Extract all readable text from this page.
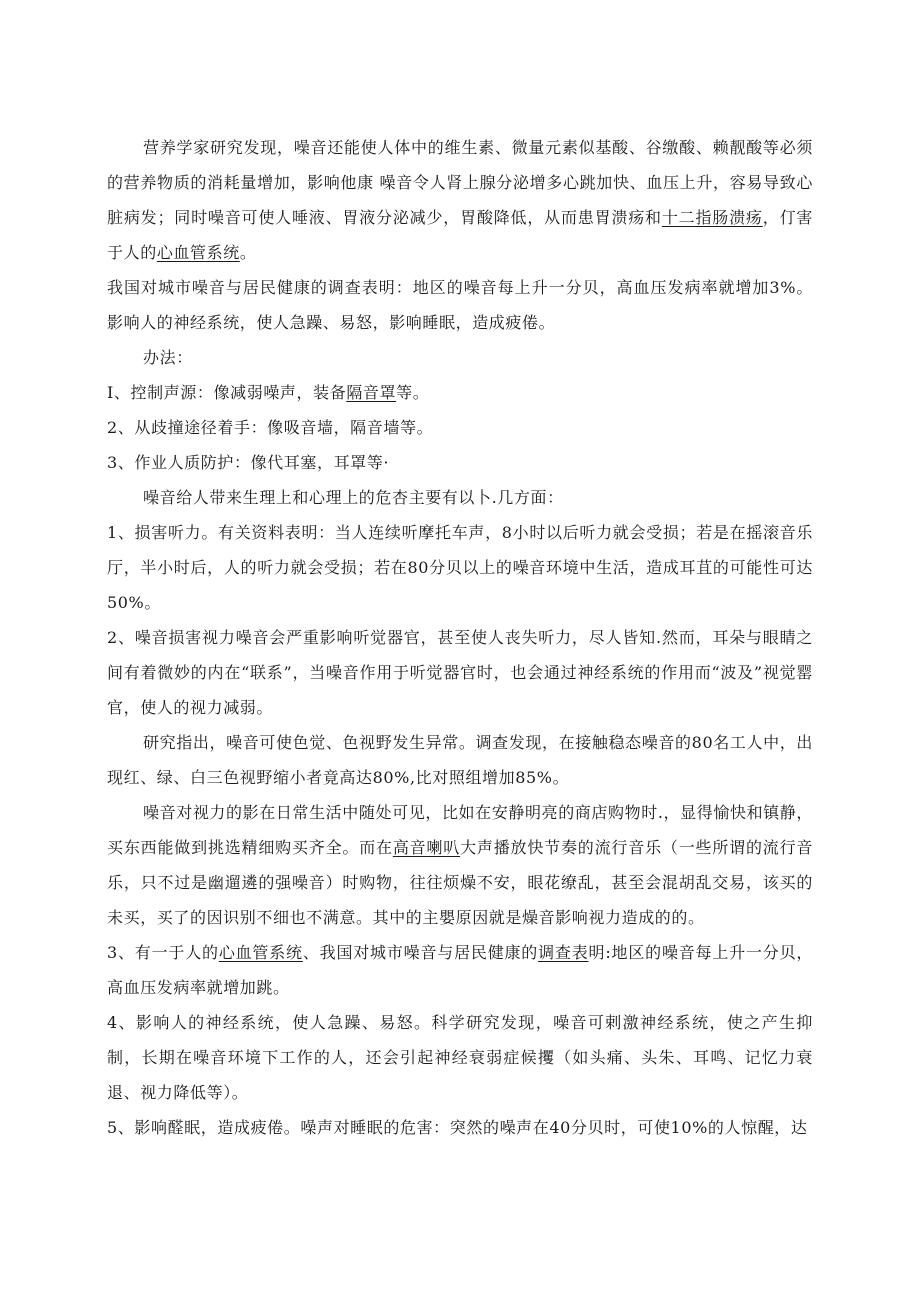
营养学家研究发现，噪音还能使人体中的维生素、微量元素似基酸、谷缴酸、赖靓酸等必须的营养物质的消耗量增加，影响他康 噪音令人肾上腺分泌增多心跳加快、血压上升，容易导致心脏病发；同时噪音可使人唾液、胃液分泌减少，胃酸降低，从而患胃溃疡和十二指肠溃疡，仃害于人的心血管系统。

我国对城市噪音与居民健康的调查表明：地区的噪音每上升一分贝，高血压发病率就增加3%。影响人的神经系统，使人急躁、易怒，影响睡眠，造成疲倦。

办法：

I、控制声源：像减弱噪声，装备隔音罩等。

2、从歧撞途径着手：像吸音墙，隔音墙等。

3、作业人质防护：像代耳塞，耳罩等·

噪音给人带来生理上和心理上的危杏主要有以卜.几方面：

1、损害听力。有关资料表明：当人连续听摩托车声，8小时以后听力就会受损；若是在摇滚音乐厅，半小时后，人的听力就会受损；若在80分贝以上的噪音环境中生活，造成耳苴的可能性可达50%。

2、噪音损害视力噪音会严重影响听觉器官，甚至使人丧失听力，尽人皆知.然而，耳朵与眼睛之间有着微妙的内在“联系”，当噪音作用于听觉器官时，也会通过神经系统的作用而“波及”视觉罂官，使人的视力减弱。

研究指出，噪音可使色觉、色视野发生异常。调查发现，在接触稳态噪音的80名工人中，出现红、绿、白三色视野缩小者竟高达80%,比对照组增加85%。

噪音对视力的影在日常生活中随处可见，比如在安静明亮的商店购物时.，显得愉快和镇静，买东西能做到挑选精细购买齐全。而在高音喇叭大声播放快节奏的流行音乐（一些所谓的流行音乐，只不过是幽遛遴的强噪音）时购物，往往烦燥不安，眼花缭乱，甚至会混胡乱交易，该买的未买，买了的因识别不细也不满意。其中的主嬰原因就是燥音影响视力造成的的。

3、有一于人的心血管系统、我国对城市噪音与居民健康的调查表明:地区的噪音每上升一分贝，高血压发病率就增加跳。

4、影响人的神经系统，使人急躁、易怒。科学研究发现，噪音可剌激神经系统，使之产生抑制，长期在噪音环境下工作的人，还会引起神经衰弱症候攫（如头痛、头朱、耳鸣、记忆力衰退、视力降低等）。

5、影响醛眠，造成疲倦。噪声对睡眠的危害：突然的噪声在40分贝时，可使10%的人惊醒，达
